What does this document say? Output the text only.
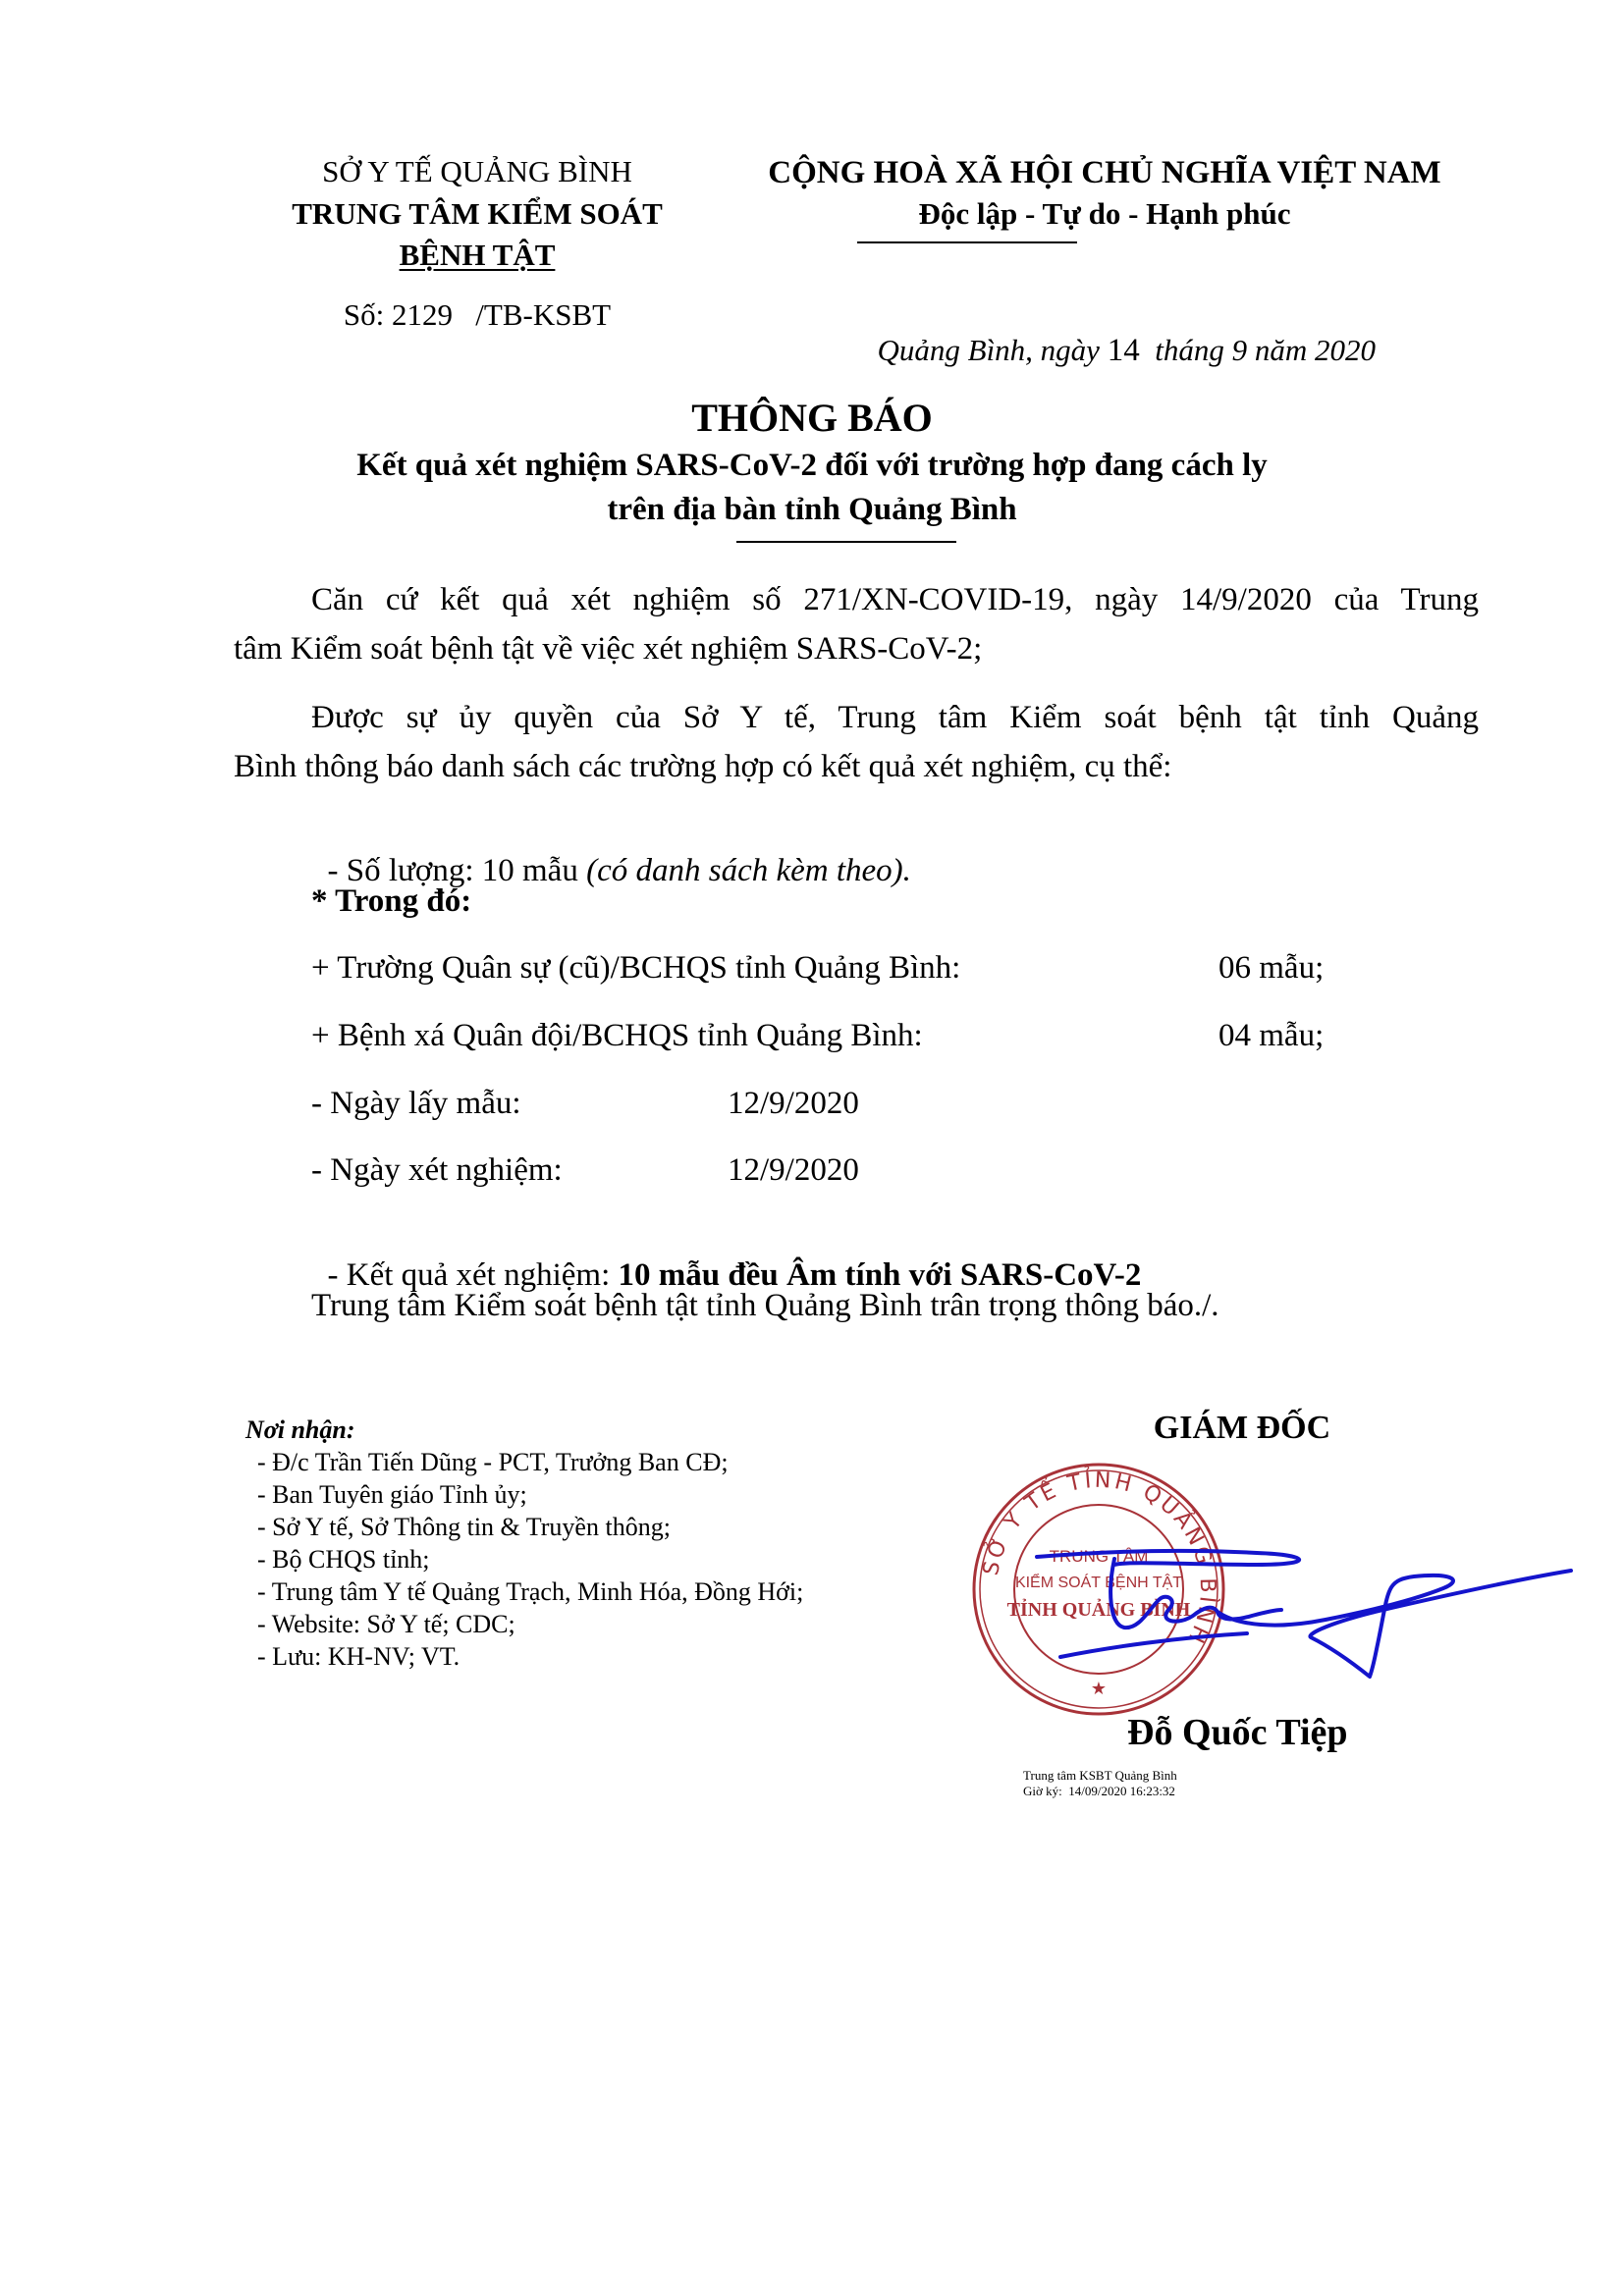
SỞ Y TẾ QUẢNG BÌNH
TRUNG TÂM KIỂM SOÁT
BỆNH TẬT
Số: 2129   /TB-KSBT
CỘNG HOÀ XÃ HỘI CHỦ NGHĨA VIỆT NAM
Độc lập - Tự do - Hạnh phúc

Quảng Bình, ngày 14  tháng 9 năm 2020

THÔNG BÁO
Kết quả xét nghiệm SARS-CoV-2 đối với trường hợp đang cách ly
trên địa bàn tỉnh Quảng Bình
Căn cứ kết quả xét nghiệm số 271/XN-COVID-19, ngày 14/9/2020 của Trung
tâm Kiểm soát bệnh tật về việc xét nghiệm SARS-CoV-2;
Được sự ủy quyền của Sở Y tế, Trung tâm Kiểm soát bệnh tật tỉnh Quảng
Bình thông báo danh sách các trường hợp có kết quả xét nghiệm, cụ thể:

- Số lượng: 10 mẫu (có danh sách kèm theo).

* Trong đó:
+ Trường Quân sự (cũ)/BCHQS tỉnh Quảng Bình:	06 mẫu;
+ Bệnh xá Quân đội/BCHQS tỉnh Quảng Bình:	04 mẫu;
- Ngày lấy mẫu:	12/9/2020
- Ngày xét nghiệm:	12/9/2020

- Kết quả xét nghiệm: 10 mẫu đều Âm tính với SARS-CoV-2

Trung tâm Kiểm soát bệnh tật tỉnh Quảng Bình trân trọng thông báo./.
Nơi nhận:
- Đ/c Trần Tiến Dũng - PCT, Trưởng Ban CĐ;
- Ban Tuyên giáo Tỉnh ủy;
- Sở Y tế, Sở Thông tin & Truyền thông;
- Bộ CHQS tỉnh;
- Trung tâm Y tế Quảng Trạch, Minh Hóa, Đồng Hới;
- Website: Sở Y tế; CDC;
- Lưu: KH-NV; VT.
GIÁM ĐỐC
SỞ Y TẾ TỈNH QUẢNG BÌNH
TRUNG TÂM
KIỂM SOÁT BỆNH TẬT
TỈNH QUẢNG BÌNH
★
Đỗ Quốc Tiệp
Trung tâm KSBT Quảng Bình
Giờ ký:  14/09/2020 16:23:32
